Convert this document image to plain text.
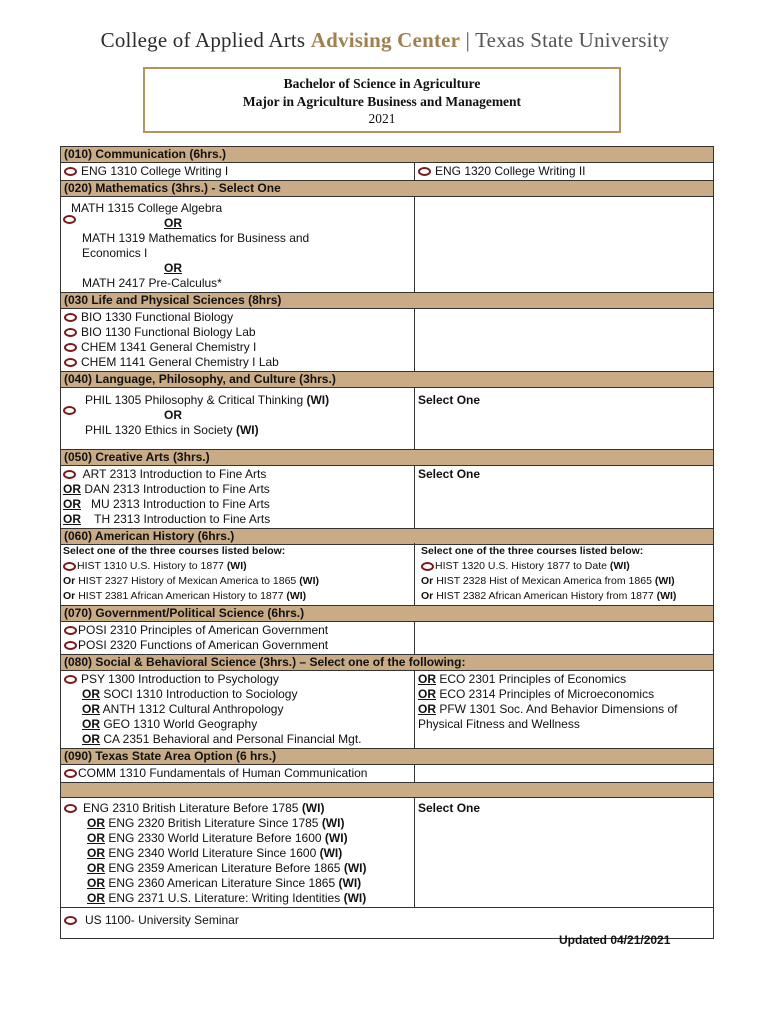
College of Applied Arts Advising Center | Texas State University
Bachelor of Science in Agriculture
Major in Agriculture Business and Management
2021
(010) Communication (6hrs.)
ENG 1310 College Writing I	ENG 1320 College Writing II
(020) Mathematics (3hrs.) - Select One
MATH 1315 College Algebra
OR
MATH 1319 Mathematics for Business and
Economics I
OR
MATH 2417 Pre-Calculus*
(030 Life and Physical Sciences (8hrs)
BIO 1330 Functional Biology
BIO 1130 Functional Biology Lab
CHEM 1341 General Chemistry I
CHEM 1141 General Chemistry I Lab
(040) Language, Philosophy, and Culture (3hrs.)
PHIL 1305 Philosophy & Critical Thinking (WI)
OR
PHIL 1320 Ethics in Society (WI)
Select One
(050) Creative Arts (3hrs.)
ART 2313 Introduction to Fine Arts
OR DAN 2313 Introduction to Fine Arts
OR MU 2313 Introduction to Fine Arts
OR TH 2313 Introduction to Fine Arts
Select One
(060) American History (6hrs.)
Select one of the three courses listed below:
HIST 1310 U.S. History to 1877 (WI)
Or HIST 2327 History of Mexican America to 1865 (WI)
Or HIST 2381 African American History to 1877 (WI)
Select one of the three courses listed below:
HIST 1320 U.S. History 1877 to Date (WI)
Or HIST 2328 Hist of Mexican America from 1865 (WI)
Or HIST 2382 African American History from 1877 (WI)
(070) Government/Political Science (6hrs.)
POSI 2310 Principles of American Government
POSI 2320 Functions of American Government
(080) Social & Behavioral Science (3hrs.) – Select one of the following:
PSY 1300 Introduction to Psychology
OR SOCI 1310 Introduction to Sociology
OR ANTH 1312 Cultural Anthropology
OR GEO 1310 World Geography
OR CA 2351 Behavioral and Personal Financial Mgt.
OR ECO 2301 Principles of Economics
OR ECO 2314 Principles of Microeconomics
OR PFW 1301 Soc. And Behavior Dimensions of
Physical Fitness and Wellness
(090) Texas State Area Option (6 hrs.)
COMM 1310 Fundamentals of Human Communication
ENG 2310 British Literature Before 1785 (WI)
OR ENG 2320 British Literature Since 1785 (WI)
OR ENG 2330 World Literature Before 1600 (WI)
OR ENG 2340 World Literature Since 1600 (WI)
OR ENG 2359 American Literature Before 1865 (WI)
OR ENG 2360 American Literature Since 1865 (WI)
OR ENG 2371 U.S. Literature: Writing Identities (WI)
Select One
US 1100- University Seminar
Updated 04/21/2021
